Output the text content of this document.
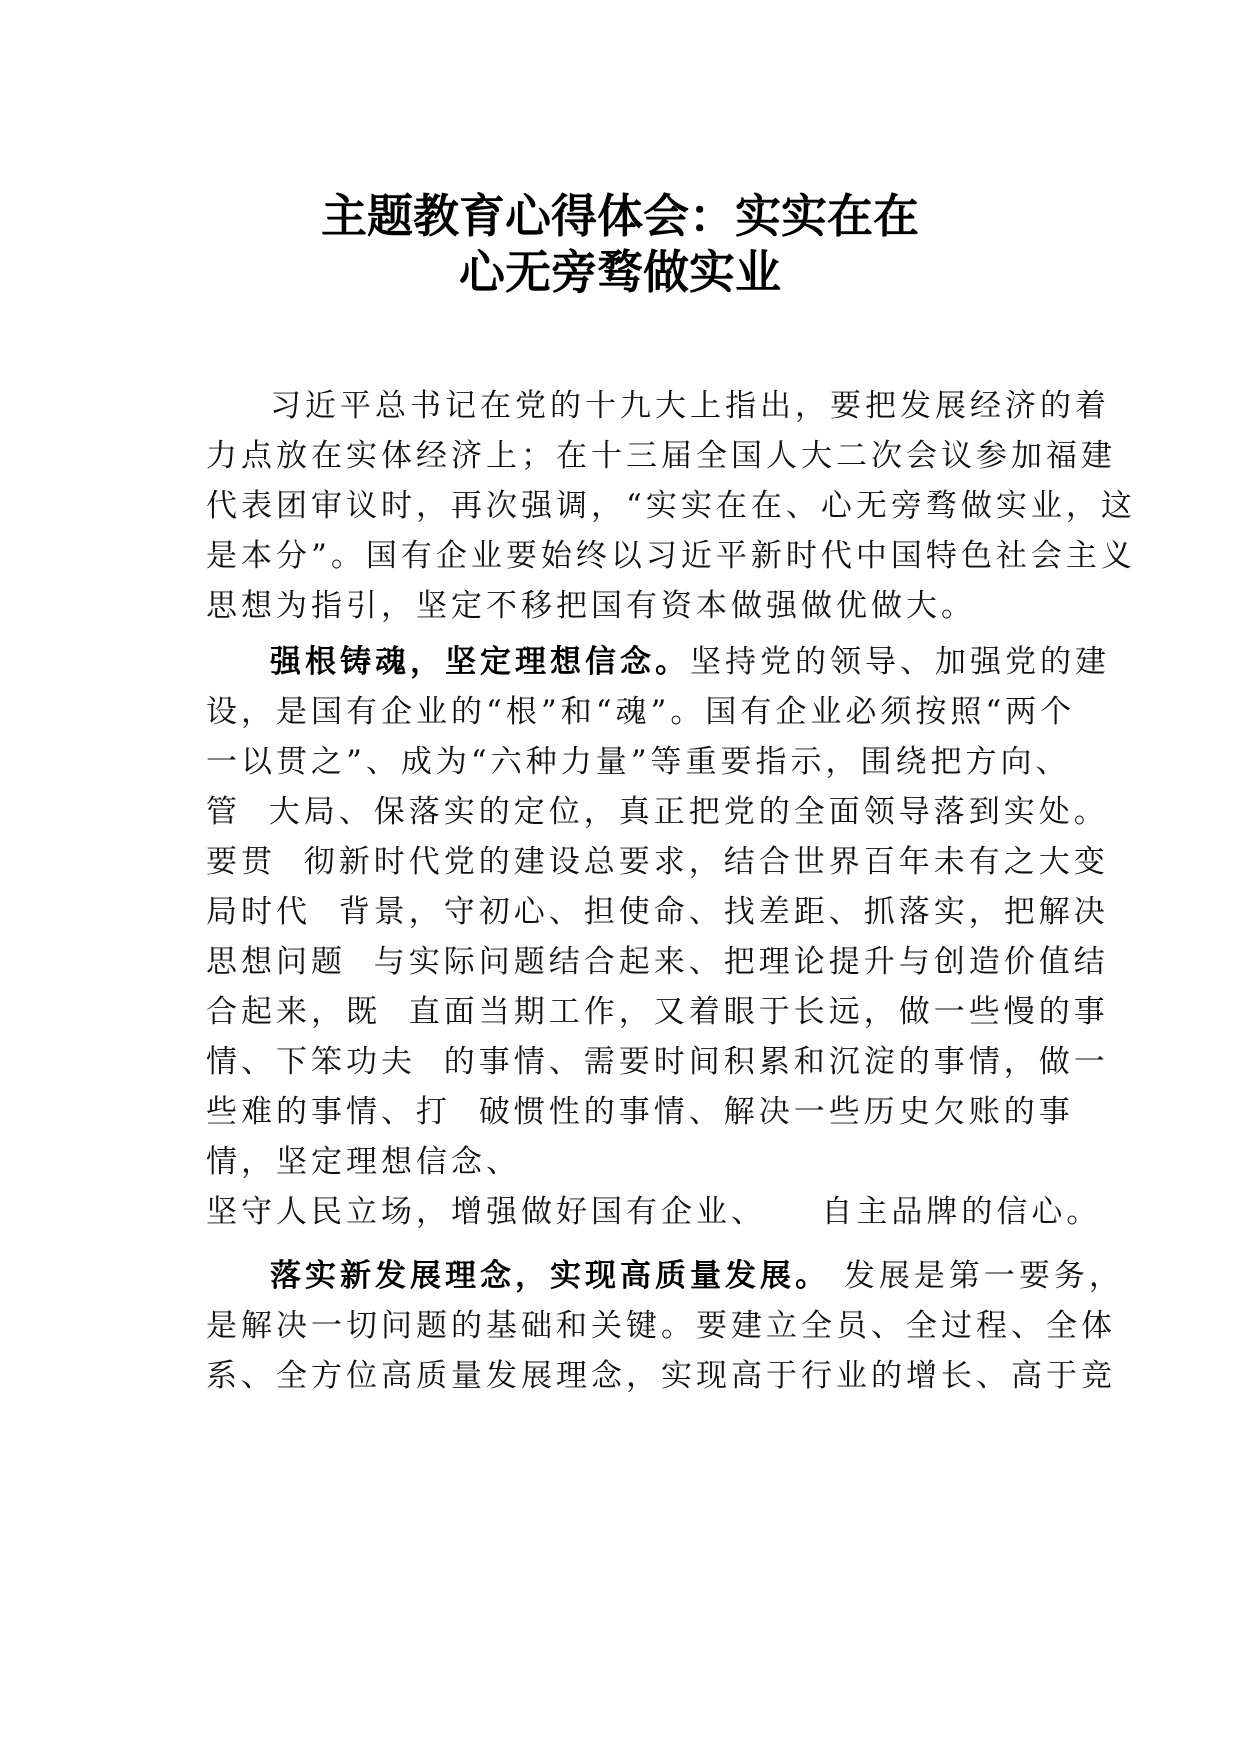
主题教育心得体会：实实在在
心无旁骛做实业
习近平总书记在党的十九大上指出，要把发展经济的着
力点放在实体经济上；在十三届全国人大二次会议参加福建
代表团审议时，再次强调，“实实在在、心无旁骛做实业，这
是本分”。国有企业要始终以习近平新时代中国特色社会主义
思想为指引，坚定不移把国有资本做强做优做大。
强根铸魂，坚定理想信念。坚持党的领导、加强党的建
设，是国有企业的“根”和“魂”。国有企业必须按照“两个
一以贯之”、成为“六种力量”等重要指示，围绕把方向、
管  大局、保落实的定位，真正把党的全面领导落到实处。
要贯  彻新时代党的建设总要求，结合世界百年未有之大变
局时代  背景，守初心、担使命、找差距、抓落实，把解决
思想问题  与实际问题结合起来、把理论提升与创造价值结
合起来，既  直面当期工作，又着眼于长远，做一些慢的事
情、下笨功夫  的事情、需要时间积累和沉淀的事情，做一
些难的事情、打  破惯性的事情、解决一些历史欠账的事
情，坚定理想信念、
坚守人民立场，增强做好国有企业、    自主品牌的信心。
落实新发展理念，实现高质量发展。 发展是第一要务，
是解决一切问题的基础和关键。要建立全员、全过程、全体
系、全方位高质量发展理念，实现高于行业的增长、高于竞
